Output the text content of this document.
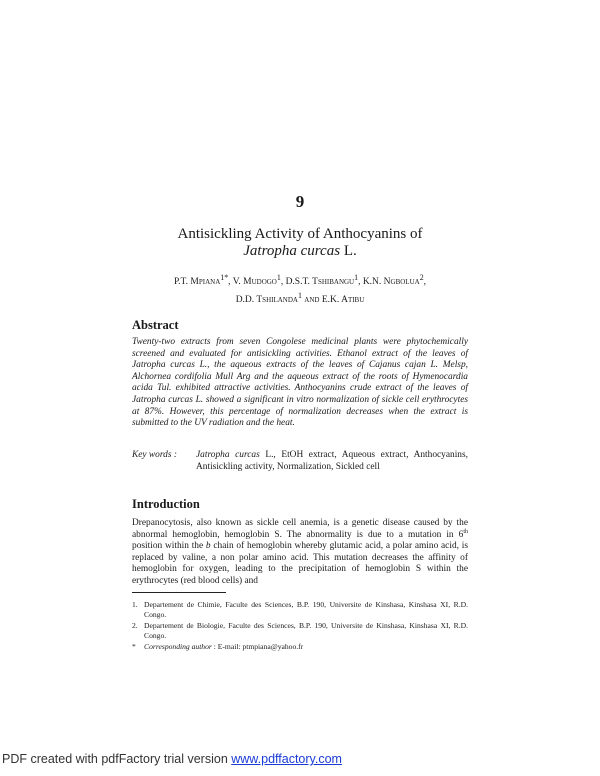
9
Antisickling Activity of Anthocyanins of
Jatropha curcas L.
P.T. Mpiana$^{1*}$, V. Mudogo$^1$, D.S.T. Tshibangu$^1$, K.N. Ngbolua$^2$,
D.D. Tshilanda$^1$ and E.K. Atibu
Abstract
Twenty-two extracts from seven Congolese medicinal plants were phytochemically screened and evaluated for antisickling activities. Ethanol extract of the leaves of Jatropha curcas L., the aqueous extracts of the leaves of Cajanus cajan L. Melsp, Alchornea cordifolia Mull Arg and the aqueous extract of the roots of Hymenocardia acida Tul. exhibited attractive activities. Anthocyanins crude extract of the leaves of Jatropha curcas L. showed a significant in vitro normalization of sickle cell erythrocytes at 87%. However, this percentage of normalization decreases when the extract is submitted to the UV radiation and the heat.
Key words :	Jatropha curcas L., EtOH extract, Aqueous extract, Anthocyanins, Antisickling activity, Normalization, Sickled cell
Introduction
Drepanocytosis, also known as sickle cell anemia, is a genetic disease caused by the abnormal hemoglobin, hemoglobin S. The abnormality is due to a mutation in 6th position within the b chain of hemoglobin whereby glutamic acid, a polar amino acid, is replaced by valine, a non polar amino acid. This mutation decreases the affinity of hemoglobin for oxygen, leading to the precipitation of hemoglobin S within the erythrocytes (red blood cells) and
1. Departement de Chimie, Faculte des Sciences, B.P. 190, Universite de Kinshasa, Kinshasa XI, R.D. Congo.
2. Departement de Biologie, Faculte des Sciences, B.P. 190, Universite de Kinshasa, Kinshasa XI, R.D. Congo.
*	Corresponding author : E-mail: ptmpiana@yahoo.fr
PDF created with pdfFactory trial version www.pdffactory.com
